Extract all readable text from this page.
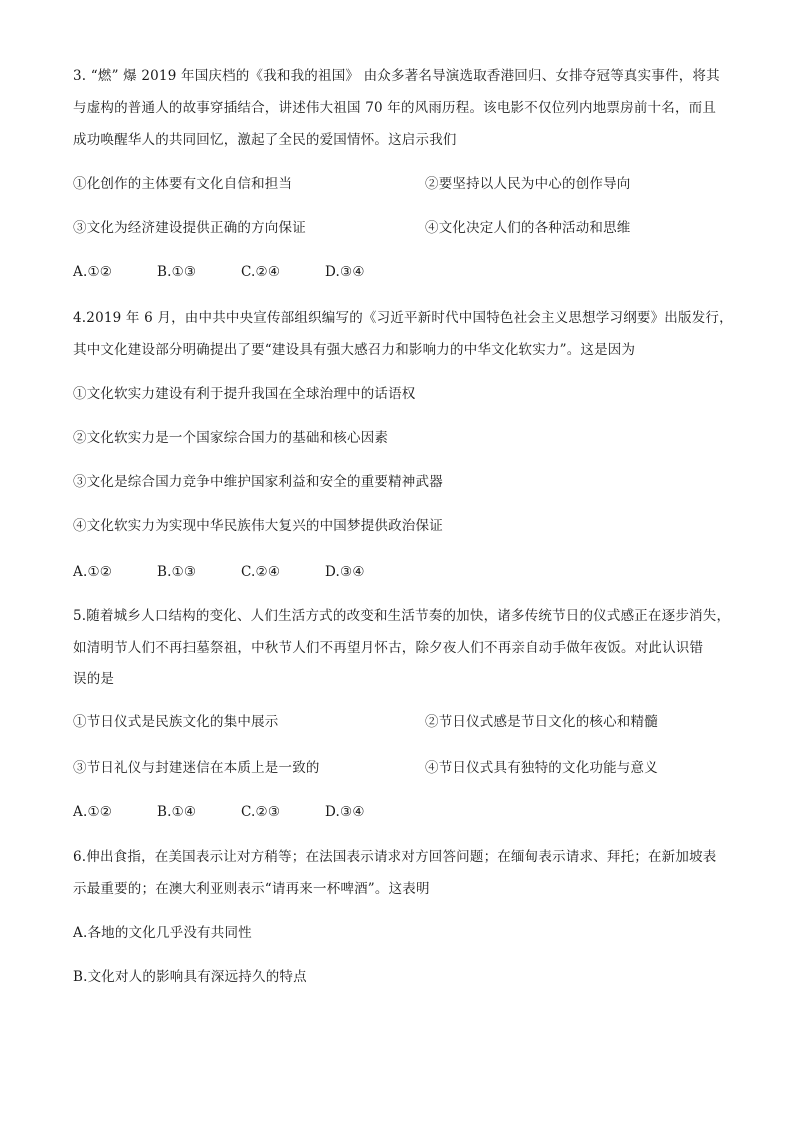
3. “燃” 爆 2019 年国庆档的《我和我的祖国》 由众多著名导演选取香港回归、女排夺冠等真实事件，将其
与虚构的普通人的故事穿插结合，讲述伟大祖国 70 年的风雨历程。该电影不仅位列内地票房前十名，而且
成功唤醒华人的共同回忆，激起了全民的爱国情怀。这启示我们
①化创作的主体要有文化自信和担当	②要坚持以人民为中心的创作导向
③文化为经济建设提供正确的方向保证	④文化决定人们的各种活动和思维
A.①②	B.①③	C.②④	D.③④
4.2019 年 6 月，由中共中央宣传部组织编写的《习近平新时代中国特色社会主义思想学习纲要》出版发行，
其中文化建设部分明确提出了要“建设具有强大感召力和影响力的中华文化软实力”。这是因为
①文化软实力建设有利于提升我国在全球治理中的话语权
②文化软实力是一个国家综合国力的基础和核心因素
③文化是综合国力竞争中维护国家利益和安全的重要精神武器
④文化软实力为实现中华民族伟大复兴的中国梦提供政治保证
A.①②	B.①③	C.②④	D.③④
5.随着城乡人口结构的变化、人们生活方式的改变和生活节奏的加快，诸多传统节日的仪式感正在逐步消失，
如清明节人们不再扫墓祭祖，中秋节人们不再望月怀古，除夕夜人们不再亲自动手做年夜饭。对此认识错
误的是
①节日仪式是民族文化的集中展示	②节日仪式感是节日文化的核心和精髓
③节日礼仪与封建迷信在本质上是一致的	④节日仪式具有独特的文化功能与意义
A.①②	B.①④	C.②③	D.③④
6.伸出食指，在美国表示让对方稍等；在法国表示请求对方回答问题；在缅甸表示请求、拜托；在新加坡表
示最重要的；在澳大利亚则表示“请再来一杯啤酒”。这表明
A.各地的文化几乎没有共同性
B.文化对人的影响具有深远持久的特点
